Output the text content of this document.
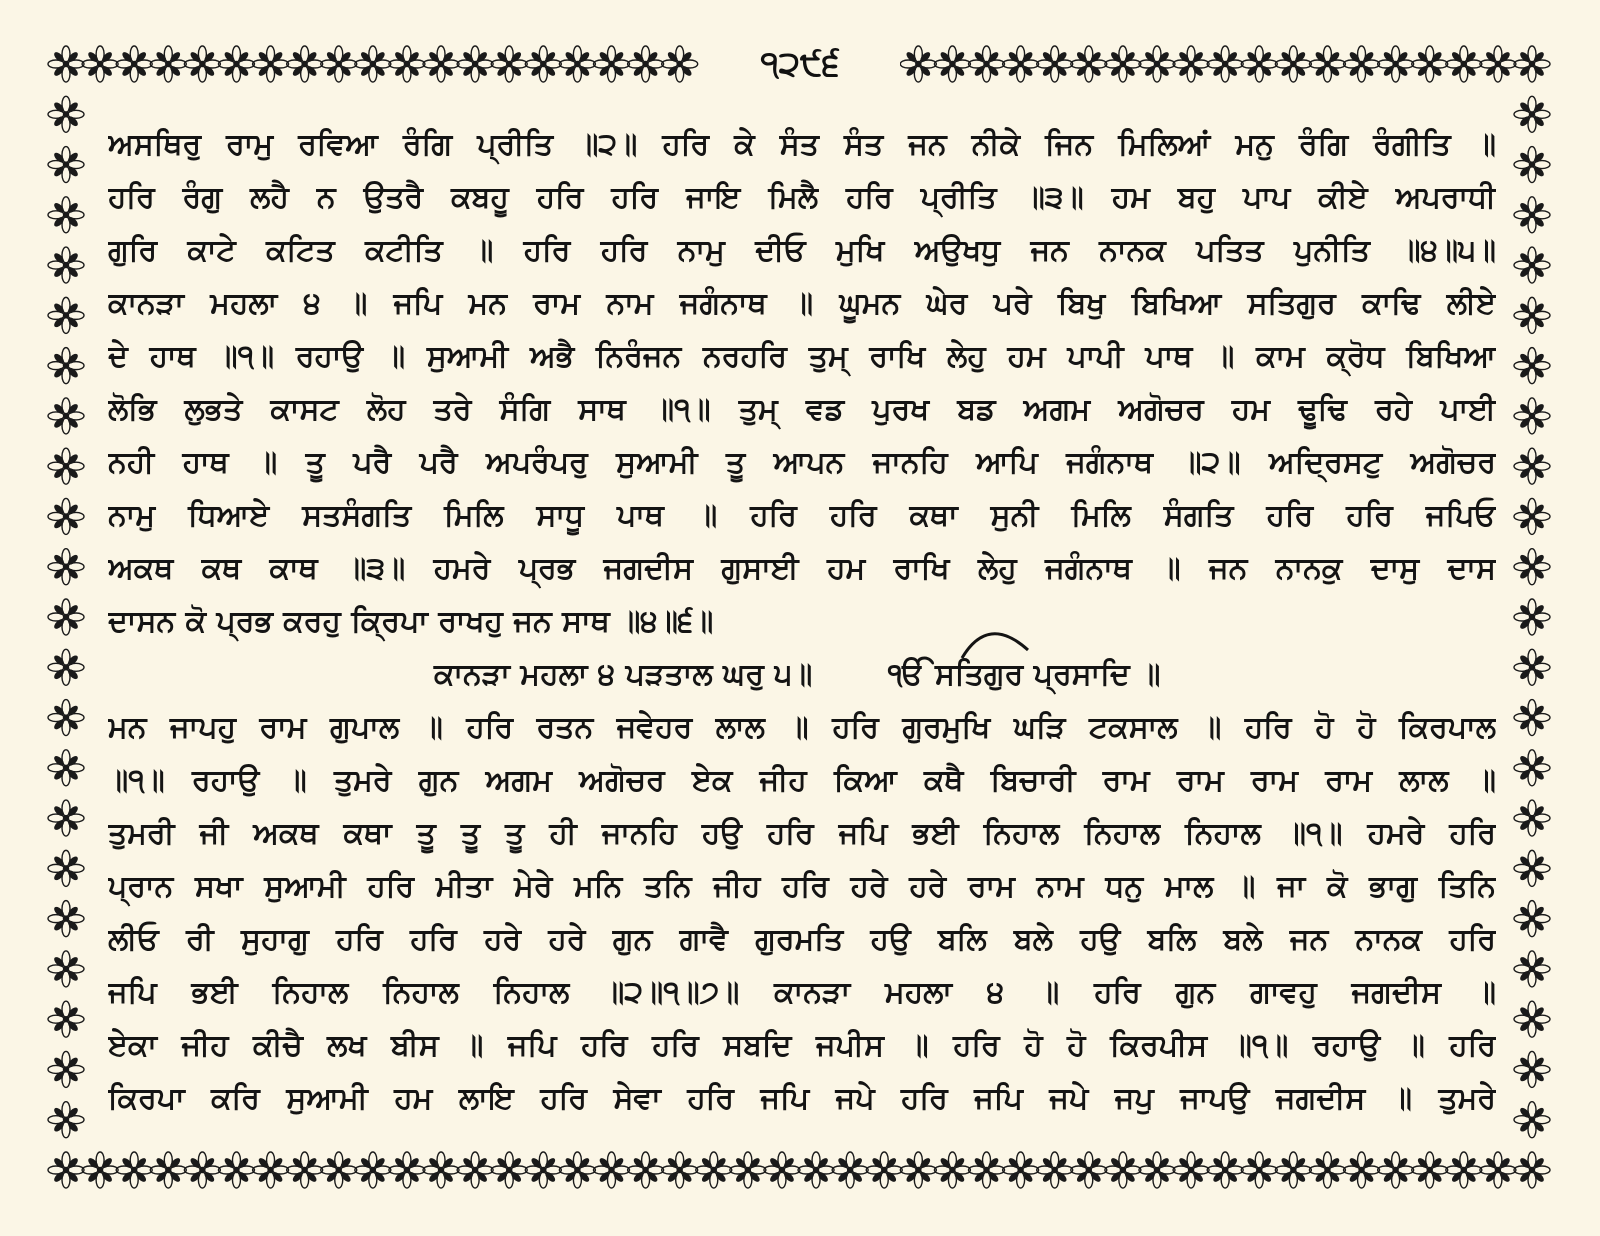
੧੨੯੬
ਅਸਥਿਰੁ ਰਾਮੁ ਰਵਿਆ ਰੰਗਿ ਪ੍ਰੀਤਿ ॥੨॥ ਹਰਿ ਕੇ ਸੰਤ ਸੰਤ ਜਨ ਨੀਕੇ ਜਿਨ ਮਿਲਿਆਂ ਮਨੁ ਰੰਗਿ ਰੰਗੀਤਿ ॥
ਹਰਿ ਰੰਗੁ ਲਹੈ ਨ ਉਤਰੈ ਕਬਹੂ ਹਰਿ ਹਰਿ ਜਾਇ ਮਿਲੈ ਹਰਿ ਪ੍ਰੀਤਿ ॥੩॥ ਹਮ ਬਹੁ ਪਾਪ ਕੀਏ ਅਪਰਾਧੀ
ਗੁਰਿ ਕਾਟੇ ਕਟਿਤ ਕਟੀਤਿ ॥ ਹਰਿ ਹਰਿ ਨਾਮੁ ਦੀਓ ਮੁਖਿ ਅਉਖਧੁ ਜਨ ਨਾਨਕ ਪਤਿਤ ਪੁਨੀਤਿ ॥੪॥੫॥
ਕਾਨੜਾ ਮਹਲਾ ੪ ॥ ਜਪਿ ਮਨ ਰਾਮ ਨਾਮ ਜਗੰਨਾਥ ॥ ਘੂਮਨ ਘੇਰ ਪਰੇ ਬਿਖੁ ਬਿਖਿਆ ਸਤਿਗੁਰ ਕਾਢਿ ਲੀਏ
ਦੇ ਹਾਥ ॥੧॥ ਰਹਾਉ ॥ ਸੁਆਮੀ ਅਭੈ ਨਿਰੰਜਨ ਨਰਹਰਿ ਤੁਮ੍ ਰਾਖਿ ਲੇਹੁ ਹਮ ਪਾਪੀ ਪਾਥ ॥ ਕਾਮ ਕ੍ਰੋਧ ਬਿਖਿਆ
ਲੋਭਿ ਲੁਭਤੇ ਕਾਸਟ ਲੋਹ ਤਰੇ ਸੰਗਿ ਸਾਥ ॥੧॥ ਤੁਮ੍ ਵਡ ਪੁਰਖ ਬਡ ਅਗਮ ਅਗੋਚਰ ਹਮ ਢੂਢਿ ਰਹੇ ਪਾਈ
ਨਹੀ ਹਾਥ ॥ ਤੂ ਪਰੈ ਪਰੈ ਅਪਰੰਪਰੁ ਸੁਆਮੀ ਤੂ ਆਪਨ ਜਾਨਹਿ ਆਪਿ ਜਗੰਨਾਥ ॥੨॥ ਅਦ੍ਰਿਸਟੁ ਅਗੋਚਰ
ਨਾਮੁ ਧਿਆਏ ਸਤਸੰਗਤਿ ਮਿਲਿ ਸਾਧੂ ਪਾਥ ॥ ਹਰਿ ਹਰਿ ਕਥਾ ਸੁਨੀ ਮਿਲਿ ਸੰਗਤਿ ਹਰਿ ਹਰਿ ਜਪਿਓ
ਅਕਥ ਕਥ ਕਾਥ ॥੩॥ ਹਮਰੇ ਪ੍ਰਭ ਜਗਦੀਸ ਗੁਸਾਈ ਹਮ ਰਾਖਿ ਲੇਹੁ ਜਗੰਨਾਥ ॥ ਜਨ ਨਾਨਕੁ ਦਾਸੁ ਦਾਸ
ਦਾਸਨ ਕੋ ਪ੍ਰਭ ਕਰਹੁ ਕ੍ਰਿਪਾ ਰਾਖਹੁ ਜਨ ਸਾਥ ॥੪॥੬॥
ਕਾਨੜਾ ਮਹਲਾ ੪ ਪੜਤਾਲ ਘਰੁ ੫॥	ੴ ਸਤਿਗੁਰ ਪ੍ਰਸਾਦਿ ॥
ਮਨ ਜਾਪਹੁ ਰਾਮ ਗੁਪਾਲ ॥ ਹਰਿ ਰਤਨ ਜਵੇਹਰ ਲਾਲ ॥ ਹਰਿ ਗੁਰਮੁਖਿ ਘੜਿ ਟਕਸਾਲ ॥ ਹਰਿ ਹੋ ਹੋ ਕਿਰਪਾਲ
॥੧॥ ਰਹਾਉ ॥ ਤੁਮਰੇ ਗੁਨ ਅਗਮ ਅਗੋਚਰ ਏਕ ਜੀਹ ਕਿਆ ਕਥੈ ਬਿਚਾਰੀ ਰਾਮ ਰਾਮ ਰਾਮ ਰਾਮ ਲਾਲ ॥
ਤੁਮਰੀ ਜੀ ਅਕਥ ਕਥਾ ਤੂ ਤੂ ਤੂ ਹੀ ਜਾਨਹਿ ਹਉ ਹਰਿ ਜਪਿ ਭਈ ਨਿਹਾਲ ਨਿਹਾਲ ਨਿਹਾਲ ॥੧॥ ਹਮਰੇ ਹਰਿ
ਪ੍ਰਾਨ ਸਖਾ ਸੁਆਮੀ ਹਰਿ ਮੀਤਾ ਮੇਰੇ ਮਨਿ ਤਨਿ ਜੀਹ ਹਰਿ ਹਰੇ ਹਰੇ ਰਾਮ ਨਾਮ ਧਨੁ ਮਾਲ ॥ ਜਾ ਕੋ ਭਾਗੁ ਤਿਨਿ
ਲੀਓ ਰੀ ਸੁਹਾਗੁ ਹਰਿ ਹਰਿ ਹਰੇ ਹਰੇ ਗੁਨ ਗਾਵੈ ਗੁਰਮਤਿ ਹਉ ਬਲਿ ਬਲੇ ਹਉ ਬਲਿ ਬਲੇ ਜਨ ਨਾਨਕ ਹਰਿ
ਜਪਿ ਭਈ ਨਿਹਾਲ ਨਿਹਾਲ ਨਿਹਾਲ ॥੨॥੧॥੭॥ ਕਾਨੜਾ ਮਹਲਾ ੪ ॥ ਹਰਿ ਗੁਨ ਗਾਵਹੁ ਜਗਦੀਸ ॥
ਏਕਾ ਜੀਹ ਕੀਚੈ ਲਖ ਬੀਸ ॥ ਜਪਿ ਹਰਿ ਹਰਿ ਸਬਦਿ ਜਪੀਸ ॥ ਹਰਿ ਹੋ ਹੋ ਕਿਰਪੀਸ ॥੧॥ ਰਹਾਉ ॥ ਹਰਿ
ਕਿਰਪਾ ਕਰਿ ਸੁਆਮੀ ਹਮ ਲਾਇ ਹਰਿ ਸੇਵਾ ਹਰਿ ਜਪਿ ਜਪੇ ਹਰਿ ਜਪਿ ਜਪੇ ਜਪੁ ਜਾਪਉ ਜਗਦੀਸ ॥ ਤੁਮਰੇ
